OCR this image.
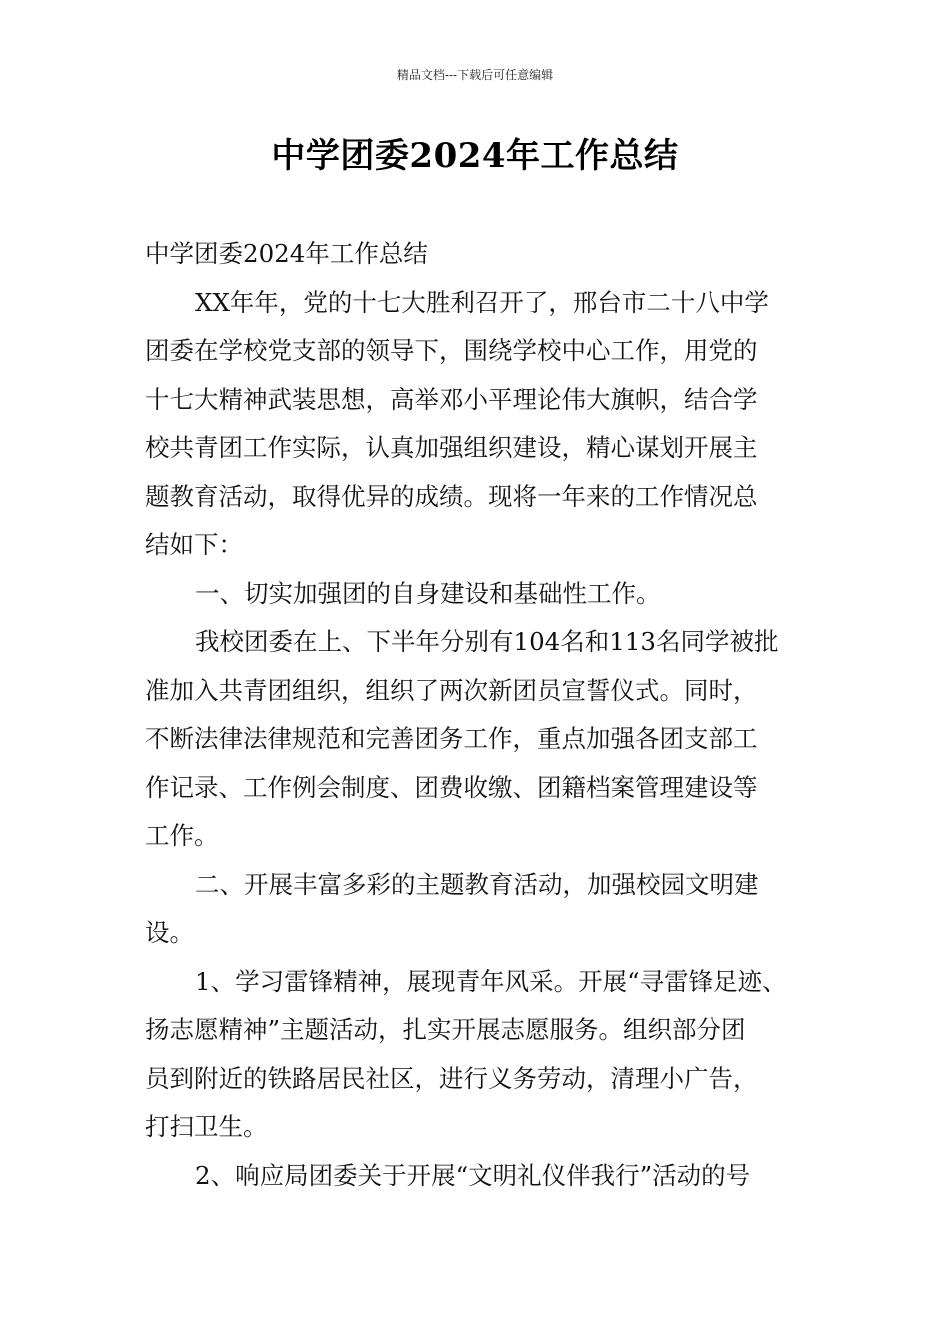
精品文档---下载后可任意编辑
中学团委2024年工作总结
中学团委2024年工作总结
XX年年，党的十七大胜利召开了，邢台市二十八中学
团委在学校党支部的领导下，围绕学校中心工作，用党的
十七大精神武装思想，高举邓小平理论伟大旗帜，结合学
校共青团工作实际，认真加强组织建设，精心谋划开展主
题教育活动，取得优异的成绩。现将一年来的工作情况总
结如下：
一、切实加强团的自身建设和基础性工作。
我校团委在上、下半年分别有104名和113名同学被批
准加入共青团组织，组织了两次新团员宣誓仪式。同时，
不断法律法律规范和完善团务工作，重点加强各团支部工
作记录、工作例会制度、团费收缴、团籍档案管理建设等
工作。
二、开展丰富多彩的主题教育活动，加强校园文明建
设。
1、学习雷锋精神，展现青年风采。开展“寻雷锋足迹、
扬志愿精神”主题活动，扎实开展志愿服务。组织部分团
员到附近的铁路居民社区，进行义务劳动，清理小广告，
打扫卫生。
2、响应局团委关于开展“文明礼仪伴我行”活动的号
